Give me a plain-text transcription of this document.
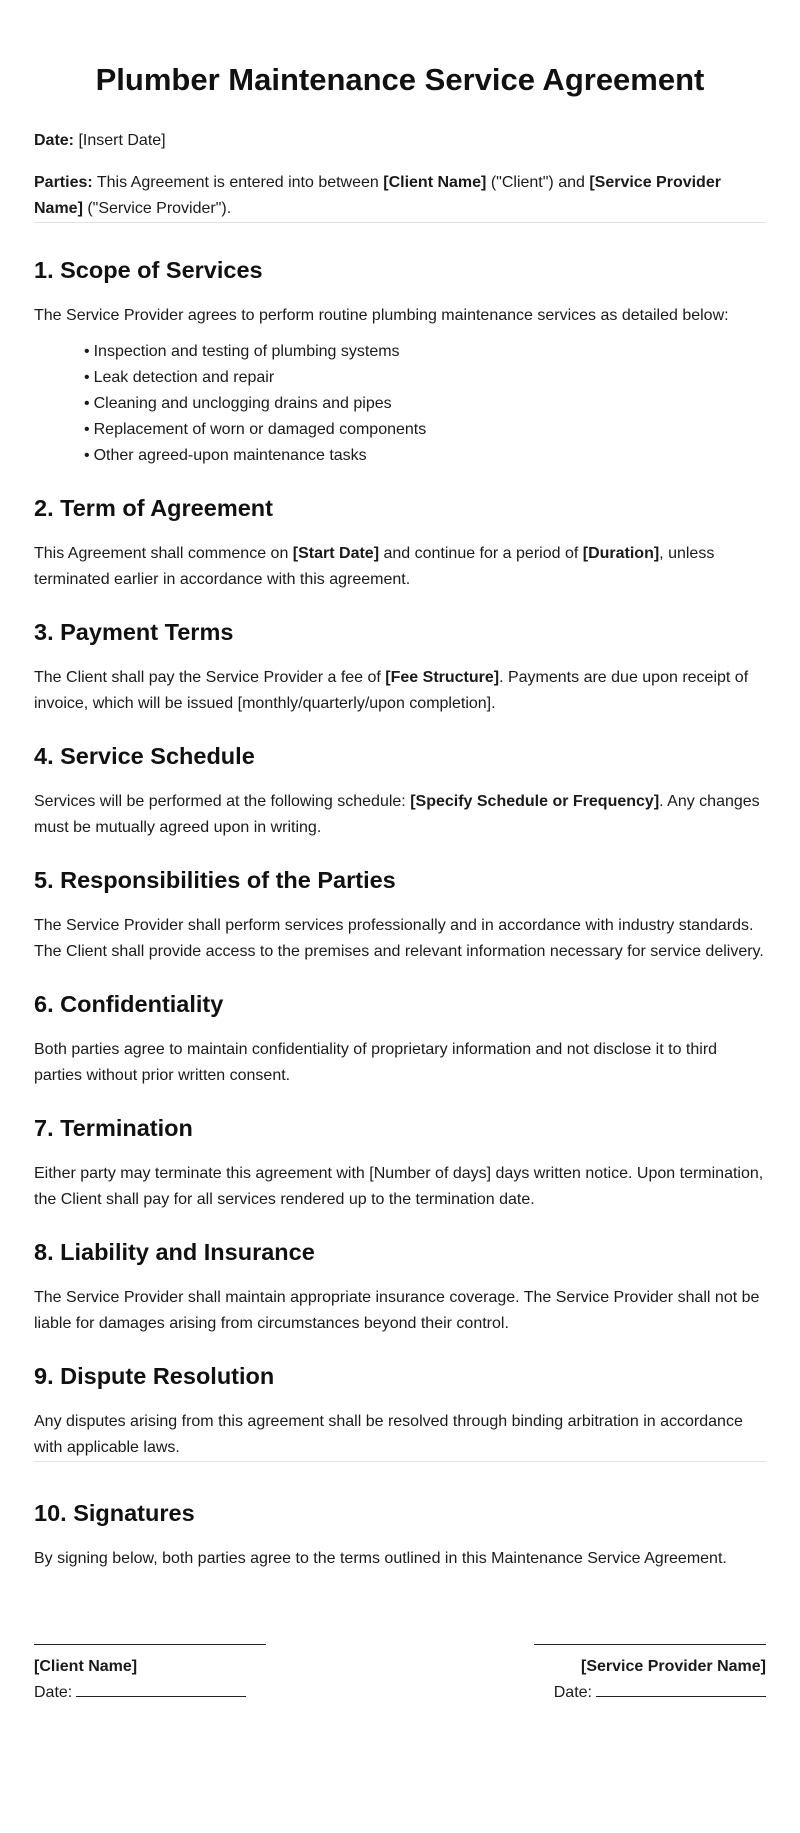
Plumber Maintenance Service Agreement

Date: [Insert Date]

Parties: This Agreement is entered into between [Client Name] ("Client") and [Service Provider Name] ("Service Provider").

1. Scope of Services

The Service Provider agrees to perform routine plumbing maintenance services as detailed below:

• Inspection and testing of plumbing systems
• Leak detection and repair
• Cleaning and unclogging drains and pipes
• Replacement of worn or damaged components
• Other agreed-upon maintenance tasks
2. Term of Agreement

This Agreement shall commence on [Start Date] and continue for a period of [Duration], unless terminated earlier in accordance with this agreement.

3. Payment Terms

The Client shall pay the Service Provider a fee of [Fee Structure]. Payments are due upon receipt of invoice, which will be issued [monthly/quarterly/upon completion].

4. Service Schedule

Services will be performed at the following schedule: [Specify Schedule or Frequency]. Any changes must be mutually agreed upon in writing.

5. Responsibilities of the Parties

The Service Provider shall perform services professionally and in accordance with industry standards. The Client shall provide access to the premises and relevant information necessary for service delivery.

6. Confidentiality

Both parties agree to maintain confidentiality of proprietary information and not disclose it to third parties without prior written consent.

7. Termination

Either party may terminate this agreement with [Number of days] days written notice. Upon termination, the Client shall pay for all services rendered up to the termination date.

8. Liability and Insurance

The Service Provider shall maintain appropriate insurance coverage. The Service Provider shall not be liable for damages arising from circumstances beyond their control.

9. Dispute Resolution

Any disputes arising from this agreement shall be resolved through binding arbitration in accordance with applicable laws.

10. Signatures

By signing below, both parties agree to the terms outlined in this Maintenance Service Agreement.

[Client Name]
Date:
[Service Provider Name]
Date:
